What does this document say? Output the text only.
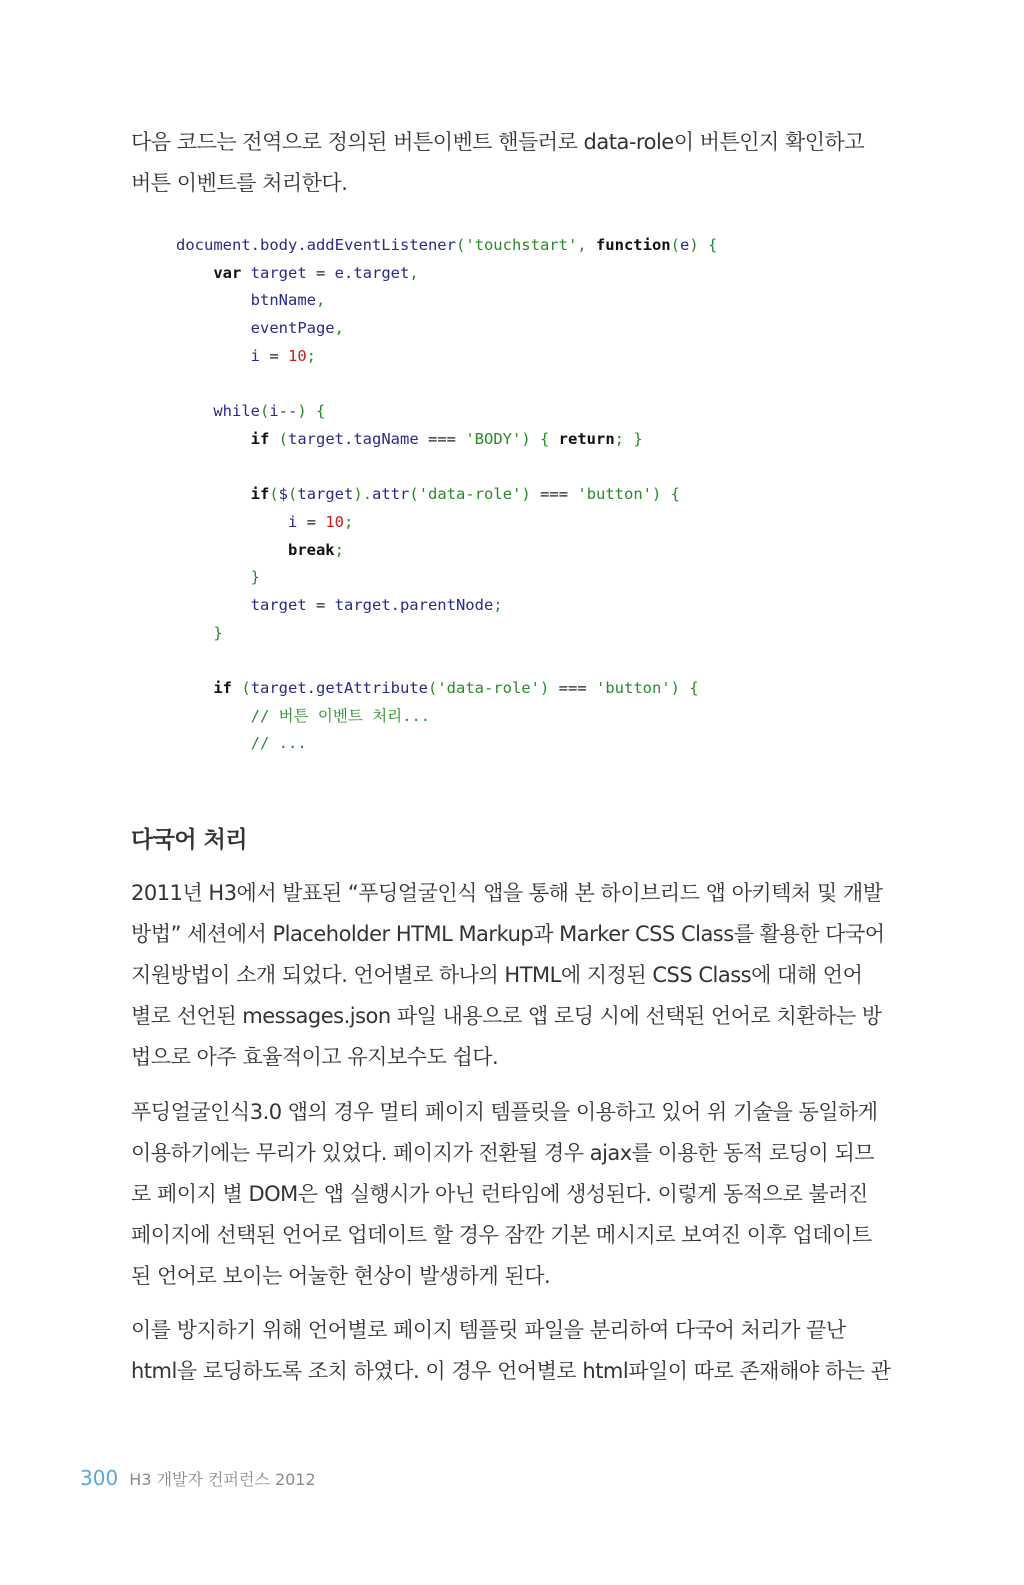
다음 코드는 전역으로 정의된 버튼이벤트 핸들러로 data-role이 버튼인지 확인하고
버튼 이벤트를 처리한다.
document.body.addEventListener('touchstart', function(e) {
var target = e.target,
btnName,
eventPage,
i = 10;
while(i--) {
if (target.tagName === 'BODY') { return; }
if($(target).attr('data-role') === 'button') {
i = 10;
break;
}
target = target.parentNode;
}
if (target.getAttribute('data-role') === 'button') {
// 버튼 이벤트 처리...
// ...
다국어 처리
2011년 H3에서 발표된 “푸딩얼굴인식 앱을 통해 본 하이브리드 앱 아키텍처 및 개발
방법” 세션에서 Placeholder HTML Markup과 Marker CSS Class를 활용한 다국어
지원방법이 소개 되었다. 언어별로 하나의 HTML에 지정된 CSS Class에 대해 언어
별로 선언된 messages.json 파일 내용으로 앱 로딩 시에 선택된 언어로 치환하는 방
법으로 아주 효율적이고 유지보수도 쉽다.
푸딩얼굴인식3.0 앱의 경우 멀티 페이지 템플릿을 이용하고 있어 위 기술을 동일하게
이용하기에는 무리가 있었다. 페이지가 전환될 경우 ajax를 이용한 동적 로딩이 되므
로 페이지 별 DOM은 앱 실행시가 아닌 런타임에 생성된다. 이렇게 동적으로 불러진
페이지에 선택된 언어로 업데이트 할 경우 잠깐 기본 메시지로 보여진 이후 업데이트
된 언어로 보이는 어눌한 현상이 발생하게 된다.
이를 방지하기 위해 언어별로 페이지 템플릿 파일을 분리하여 다국어 처리가 끝난
html을 로딩하도록 조치 하였다. 이 경우 언어별로 html파일이 따로 존재해야 하는 관
300 H3 개발자 컨퍼런스 2012
